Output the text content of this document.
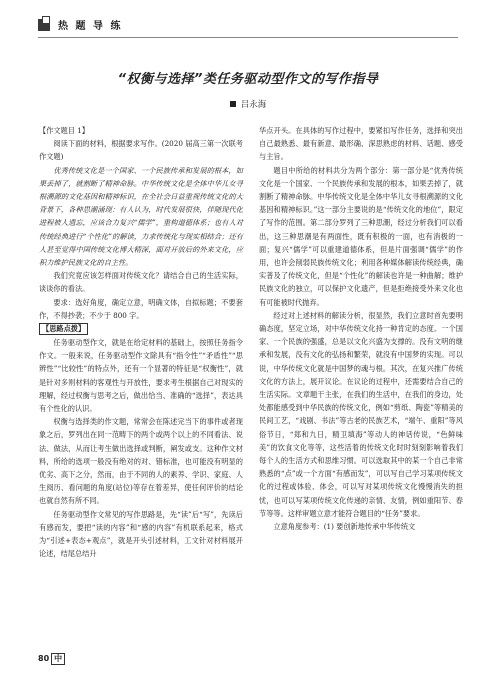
热 题 导 练
“权衡与选择”类任务驱动型作文的写作指导
吕永海

【作文题目 1】

阅读下面的材料，根据要求写作。(2020 届高三第一次联考作文题)

优秀传统文化是一个国家、一个民族传承和发展的根本，如果丢掉了，就割断了精神命脉。中华传统文化是全体中华儿女寻根溯源的文化基因和精神标识，在全社会日益重视传统文化的大背景下，各种思潮涌现：有人认为，时代发展很快，伴随现代化进程被人遗忘，应该合力复兴“儒学”，重构道德体系；也有人对传统经典进行“个性化”的解读，力求传统化与现实相结合；还有人甚至觉得中国传统文化博大精深，面对开放后的外来文化，应积力维护民族文化的自主性。

我们究竟应该怎样面对传统文化？请结合自己的生活实际，谈谈你的看法。

要求：选好角度，确定立意，明确文体，自拟标题；不要套作，不得抄袭；不少于 800 字。

【思路点拨】

任务驱动型作文，就是在给定材料的基础上，按照任务指令作文。一般来说，任务驱动型作文除具有“指令性”“矛盾性”“思辨性”“比较性”的特点外，还有一个显著的特征是“权衡性”，就是针对多则材料的客观性与开放性，要求考生根据自己对现实的理解，经过权衡与思考之后，做出恰当、准确的“选择”，表达具有个性化的认识。

权衡与选择类的作文题，常常会在陈述完当下的事件或者现象之后，罗列出在同一范畴下的两个或两个以上的不同看法、说法、做法，从而让考生做出选择或判断，阐发或支。这种作文材料，所给的选项一般没有绝对的对、错标准，也可能没有明显的优劣、高下之分，然而，由于不同的人的素养、学识、家庭、人生阅历、看问题的角度(站位)等存在着差异，使任何评价的结论也就自然有所不同。

任务驱动型作文常见的写作思路是，先“读”后“写”，先读后有感而发，要把“读的内容”和“感的内容”有机联系起来，格式为“引述+表态+观点”，就是开头引述材料，工文针对材料展开论述，结尾总结升

华点开头。在具体的写作过程中，要紧扣写作任务，选择和突出自己最熟悉、最有新意、最形确、深思熟虑的材料、话题、感受与主旨。

题目中所给的材料共分为两个部分：第一部分是“优秀传统文化是一个国家、一个民族传承和发展的根本，如果丢掉了，就割断了精神命脉。中华传统文化是全体中华儿女寻根溯源的文化基因和精神标识。”这一部分主要说的是“传统文化的地位”，限定了写作的范围。第二部分罗列了三种思潮，经过分析我们可以看出，这三种思潮是有两面性，既有积极的一面，也有消极的一面；复兴“儒学”可以重建道德体系，但是片面强调“儒学”的作用，也许会削弱民族传统文化；利用各种媒体解读传统经典，确实普及了传统文化，但是“个性化”的解读也许是一种曲解；维护民族文化的独立，可以保护文化遗产，但是拒绝接受外来文化也有可能被时代抛弃。

经过对上述材料的解读分析，很显然，我们立意时首先要明确态度，坚定立场，对中华传统文化持一种肯定的态度。一个国家、一个民族的强盛，总是以文化兴盛为支撑的。没有文明的继承和发展，没有文化的弘扬和繁荣，就没有中国梦的实现。可以说，中华传统文化就是中国梦的魂与根。其次，在复兴推广传统文化的方法上，展开议论。在议论的过程中，还需要结合自己的生活实际。文章题干主张，在我们的生活中，在我们的身边，处处都能感受到中华民族的传统文化，例如“剪纸、陶瓷”等精美的民间工艺，“戏剧、书法”等古老的民族艺术，“端午、重阳”等风俗节日，“郑和九日，精卫填海”等动人的神话传说，“色鲜味美”的饮食文化等等，这些活着的传统文化时时刻刻影响着我们每个人的生活方式和思维习惯。可以选取其中的某一个自己非常熟悉的“点”或一个方面“有感而发”，可以写自己学习某项传统文化的过程或体验、体会，可以写对某项传统文化慢慢消失的担忧，也可以写某项传统文化传递的亲情、友情，例如重阳节、春节等等。这样审题立意才能符合题目的“任务”要求。

立意角度参考：(1) 要创新地传承中华传统文

80 中
